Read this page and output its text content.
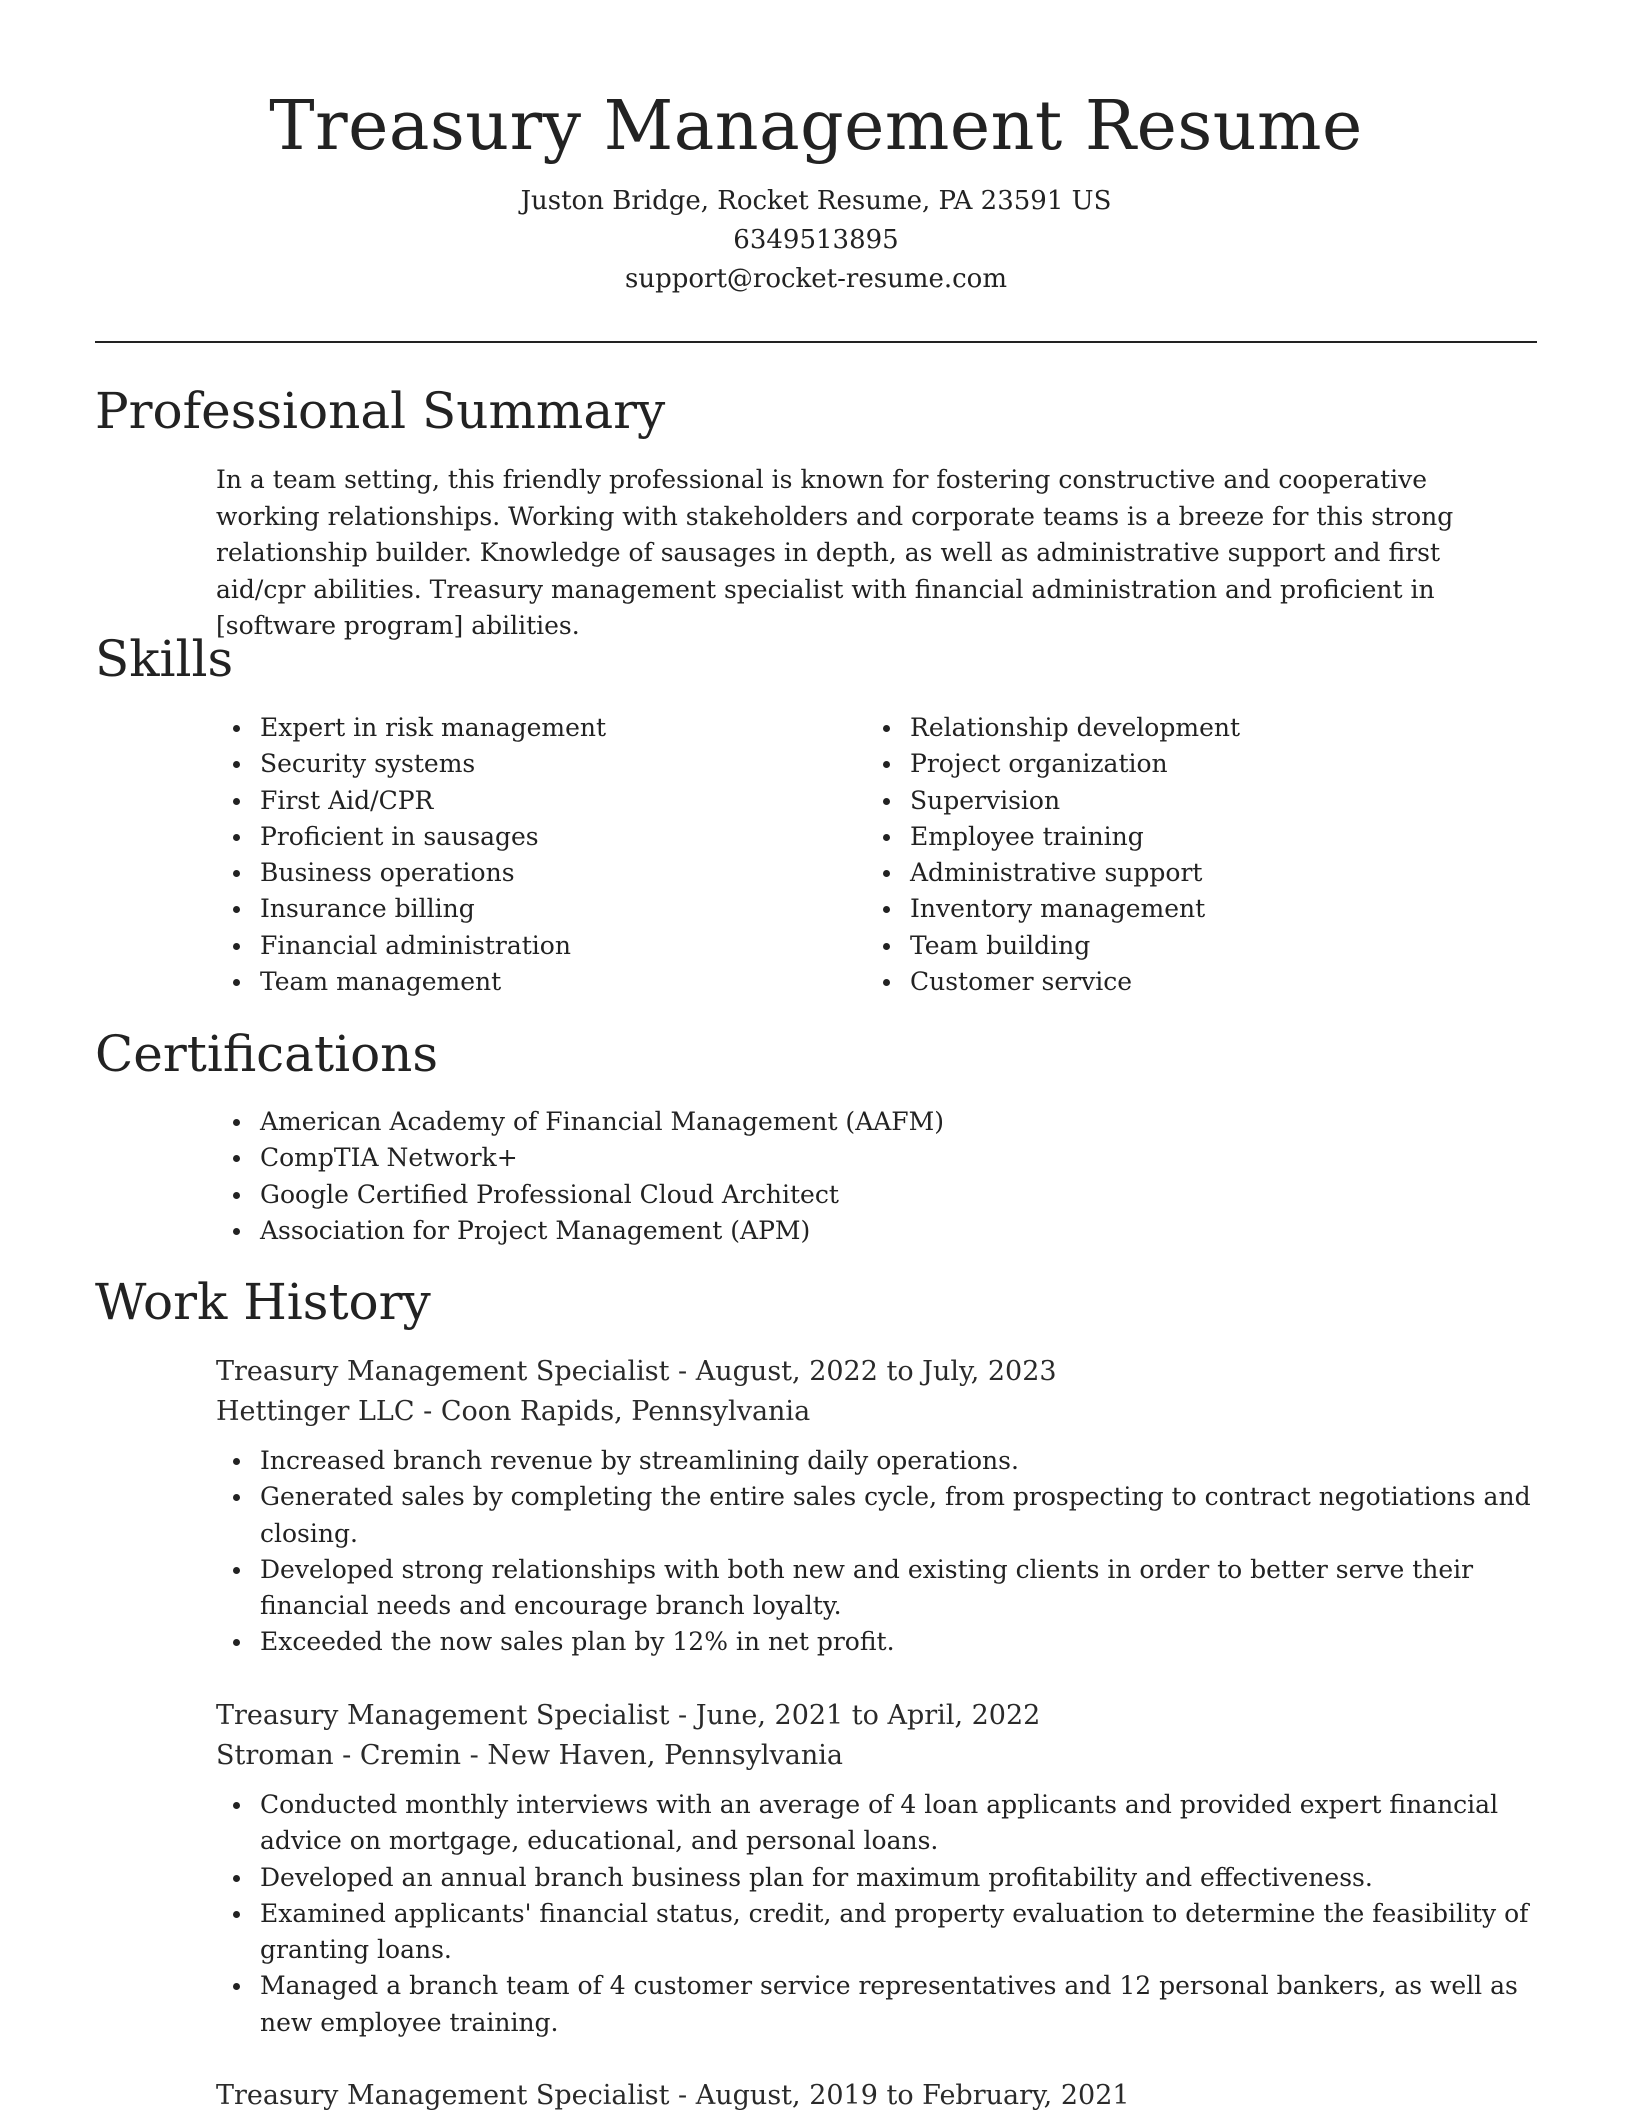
Treasury Management Resume

Juston Bridge, Rocket Resume, PA 23591 US

6349513895

support@rocket-resume.com

Professional Summary

In a team setting, this friendly professional is known for fostering constructive and cooperative working relationships. Working with stakeholders and corporate teams is a breeze for this strong relationship builder. Knowledge of sausages in depth, as well as administrative support and first aid/cpr abilities. Treasury management specialist with financial administration and proficient in [software program] abilities.

Skills
Expert in risk management
Security systems
First Aid/CPR
Proficient in sausages
Business operations
Insurance billing
Financial administration
Team management
Relationship development
Project organization
Supervision
Employee training
Administrative support
Inventory management
Team building
Customer service
Certifications
American Academy of Financial Management (AAFM)
CompTIA Network+
Google Certified Professional Cloud Architect
Association for Project Management (APM)
Work History

Treasury Management Specialist - August, 2022 to July, 2023

Hettinger LLC - Coon Rapids, Pennsylvania

Increased branch revenue by streamlining daily operations.
Generated sales by completing the entire sales cycle, from prospecting to contract negotiations and closing.
Developed strong relationships with both new and existing clients in order to better serve their financial needs and encourage branch loyalty.
Exceeded the now sales plan by 12% in net profit.

Treasury Management Specialist - June, 2021 to April, 2022

Stroman - Cremin - New Haven, Pennsylvania

Conducted monthly interviews with an average of 4 loan applicants and provided expert financial advice on mortgage, educational, and personal loans.
Developed an annual branch business plan for maximum profitability and effectiveness.
Examined applicants' financial status, credit, and property evaluation to determine the feasibility of granting loans.
Managed a branch team of 4 customer service representatives and 12 personal bankers, as well as new employee training.

Treasury Management Specialist - August, 2019 to February, 2021
